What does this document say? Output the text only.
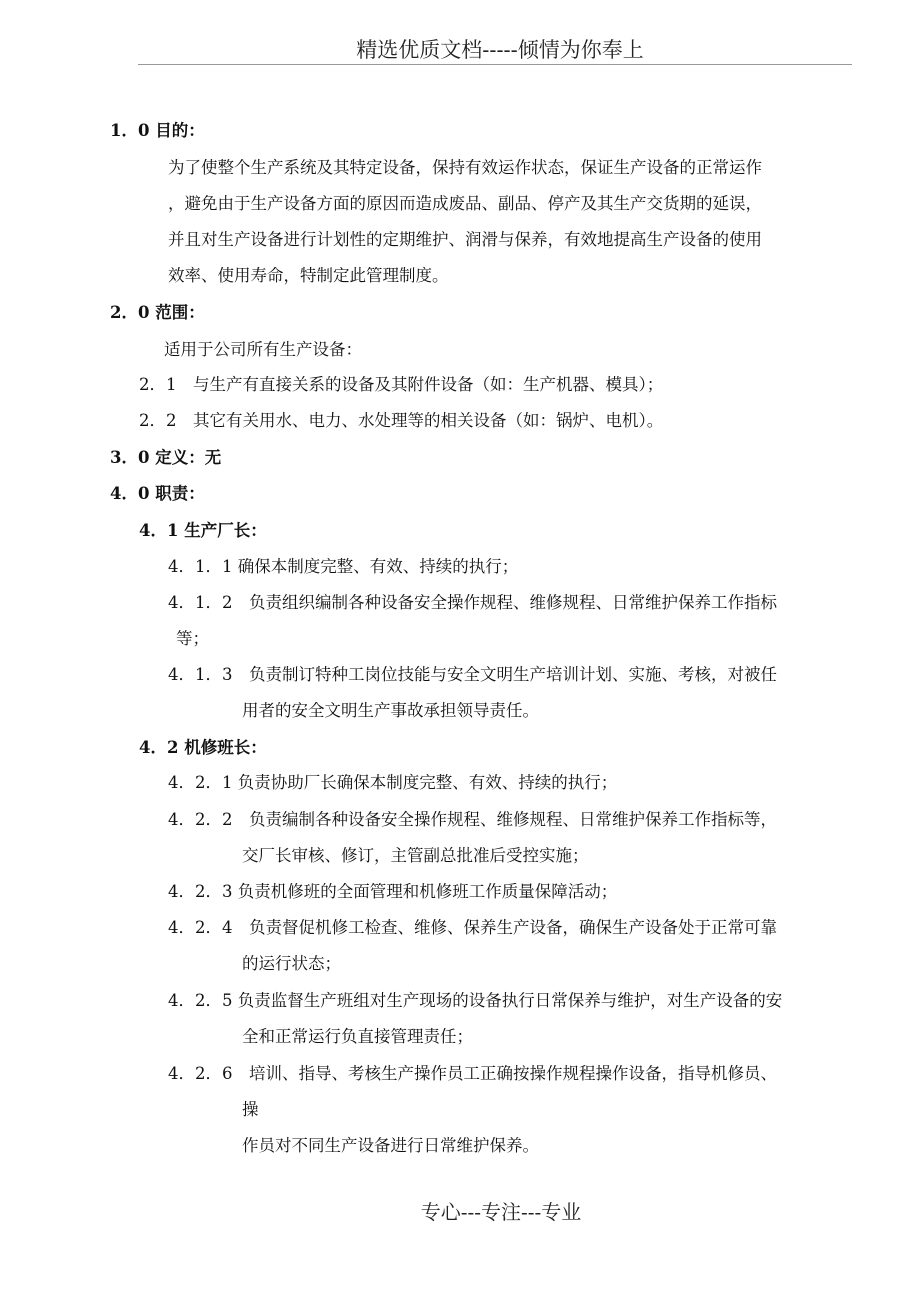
精选优质文档-----倾情为你奉上
1．0 目的：
为了使整个生产系统及其特定设备，保持有效运作状态，保证生产设备的正常运作
，避免由于生产设备方面的原因而造成废品、副品、停产及其生产交货期的延误，
并且对生产设备进行计划性的定期维护、润滑与保养，有效地提高生产设备的使用
效率、使用寿命，特制定此管理制度。
2．0 范围：
适用于公司所有生产设备：
2．1　与生产有直接关系的设备及其附件设备（如：生产机器、模具）；
2．2　其它有关用水、电力、水处理等的相关设备（如：锅炉、电机）。
3．0 定义：无
4．0 职责：
4．1 生产厂长：
4．1．1 确保本制度完整、有效、持续的执行；
4．1．2　负责组织编制各种设备安全操作规程、维修规程、日常维护保养工作指标
等；
4．1．3　负责制订特种工岗位技能与安全文明生产培训计划、实施、考核，对被任
用者的安全文明生产事故承担领导责任。
4．2 机修班长：
4．2．1 负责协助厂长确保本制度完整、有效、持续的执行；
4．2．2　负责编制各种设备安全操作规程、维修规程、日常维护保养工作指标等，
交厂长审核、修订，主管副总批准后受控实施；
4．2．3 负责机修班的全面管理和机修班工作质量保障活动；
4．2．4　负责督促机修工检查、维修、保养生产设备，确保生产设备处于正常可靠
的运行状态；
4．2．5 负责监督生产班组对生产现场的设备执行日常保养与维护，对生产设备的安
全和正常运行负直接管理责任；
4．2．6　培训、指导、考核生产操作员工正确按操作规程操作设备，指导机修员、
操
作员对不同生产设备进行日常维护保养。
专心---专注---专业
